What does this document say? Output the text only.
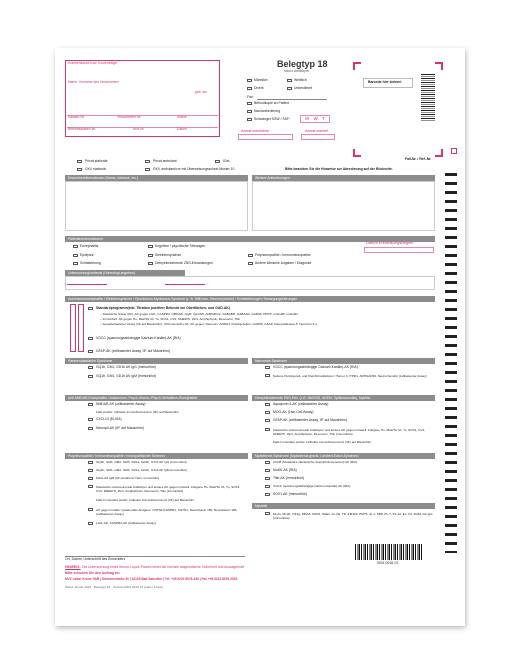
Krankenkasse bzw. Kostenträger
Name, Vorname des Versicherten
geb. am
Kassen-Nr.	Versicherten-Nr.	Status
Betriebsstätten-Nr.	Arzt-Nr.	Datum
Belegtyp 18
Neuro Antikörper
Männlich	Weiblich
Divers	Unbestimmt
Fax:
Befundkopie an Patient
Nachanforderung
Schwanger SSW / SSF:	W W T
Abnahmedatum	Abnahmezeit
Barcode hier kleben!
Fall-Nr. / Ref.-Nr.
Privat stationär	Privat ambulant	IGeL
GKV stationär	GKV ambulant/vor mit Überweisungsschein Muster 10	Bitte beachten Sie die Hinweise zur Abrechnung auf der Rückseite.
Erstordnerinformationen (Name, Adresse, etc.)	Weitere Anforderungen
Patienteninformationen
Enzephalitis	Kognitive / psychische Störungen
Datum Erkrankungsbeginn
Epilepsie	Kleinhirnsyndrom	Polyneuropathie / Immunneuropathie
Schlafstörung	Demyelinisierende ZNS-Erkrankungen	Andere klinische Angaben / Diagnose
Untersuchung/material (Unbedingt angeben)
Autoimmunenzephalitis / Kleinhirnsyndrom / Opsoklonus-Myoklonus-Syndrom (z. B. Stiff-man, Neuromyotonie) / Schlafstörungen / Bewegungsstörungen
Standardprogramm(inkl. Titration positiver Befunde bei Oberflächen- und GAD-AK)
– Klassische Assay (IIF): AK gegen LGI1, CASPR2, NMDAR, GlyR, IgLON5, AMPAR1/2, GABABR, GABAAR, GAD65, DPPX, mGluR5, mGluR1
– Immunblot: AK gegen Hu, Ma2/Ta, Ri, Yo, SOX1, CV2, DNER/Tr, Zic4, Amphiphysin, Recoverin, Titin
– Gewebebasierter Assay (IIF auf Mausnhirn): Orthonexische AK; AK gegen: Neurexin, ANNA3, Purkinjezellen, GAD65, GFAP, Adenylatkinase-5, Neurexin 3-α
VGCC (spannungsabhängige Kalzium-Kanäle)-AK (RIA)
GFAP-AK (zellbasierter Assay, IIF auf Mausnhirn)
Paraneoplastische Syndrome	Neuronale Syndrome
GQ1b, GM1, GD1b AK IgG (Immunblot)
GQ1b, GM1, GD1b AK IgM (Immunblot)
VGCC (spannungsabhängige Calcium-Kanäle)-AK (RIA)
Seltene Purkinjezell- und Kleinhirnantikörper: Homer 3, ITPR1, ARHGAP26, Neurochondrin (zellbasierter Assay)
Anti-NMDAR-Enzephalitis / Autoimmun. Psych-/Horror-/Psych-Verhaltens-Enzephalitis	Demyelinisierende ZNS-Erkr. (z.B. NMOSD, ADEM, Optikusneuritis), Myelitis
NMDAR-AK (zellbasierter Assay)
Falls positiv: Indirekte Immunfluoreszenz (IIF) auf Mausnhirn
CXCL13 (ELISA)
Neuropil-AK (IIF auf Mausnhirn)
Aquaporin 4-AK (zellbasierter Assay)
MOG-AK (Live-Cell-Assay)
GFAP-AK (zellbasierter Assay, IIF auf Mausnhirn)
Klassische onkoneuronale Antikörper und andere AK gegen intrazell. Antigene Hu, Ma2/Ta, Ri, Yo, SOX1, CV2, DNER/Tr, Zic4, Amphiphysin, Recoverin, Titin (Immunblot)
Falls Immunblot positiv: Indirekte Immunfluoreszenz (IIF) auf Mausnhirn
Polyneuropathie / Immunneuropathie / neuropathischer Schmerz	Myasthenie-Syndrome (Myasthenia gravis, Lambert-Eaton-Syndrom)
GQ1b, GM1, GM2, GM3, GD1a, GD1b, GT1b AK IgG (Immunblot)
GQ1b, GM1, GM2, GM3, GD1a, GD1b, GT1b AK IgM (Immunblot)
MAG-AK IgM (IIF peripherer Nerv, Immunblot)
Klassische onkoneuronale Antikörper und andere AK gegen intrazell. Antigene Hu, Ma2/Ta, Ri, Yo, SOX1, CV2, DNER/Tr, Zic4, Amphiphysin, Recoverin, Titin (Immunblot)
Falls Immunblot positiv: Indirekte Immunfluoreszenz (IIF) auf Mausnhirn
AK gegen nodale / paranodale Antigene: CNTN1/CASPR1, CNTN1, Neurofascin 155, Neurofascin 186 (zellbasierter Assay)
LGI1-AK, CASPR2-AK (zellbasierter Assay)
AChR (Muskuläre nikotinische Acetylcholinrezeptor)-AK (RIA)
MuSK-AK (RIA)
Titin-AK (Immunblot)
VGCC (spannungsabhängige Calcium-Kanäle)-AK (RIA)
SOX1-AK (Immunblot)
Myositis
Mi-2α, Mi-2β, TIF1g, MDA5, NXP2, SAE1, Ku (IE, TD, PM100, PM75, Jo-1, SRP, PL-7, PL-12, EJ, OJ, Ro52, AK IgG (Immunblot)
Ort, Datum, Unterschrift des Einsenders
HINWEIS: Die Untersuchung eines Serum-Liquor-Paares bietet die höchste diagnostische Sicherheit und Aussagekraft
Bitte schicken Sie den Auftrag an:
MVZ Labor Krone GbR | Siemensstraße 40 | 32105 Bad Salzuflen | Tel. +49 5222 8076-330 | Fax +49 5222 8076-2930
Stand Januar 2021 · Belegtyp 18 · Version 0001 0018 13 (Labor Krone)
0001 0018 13
